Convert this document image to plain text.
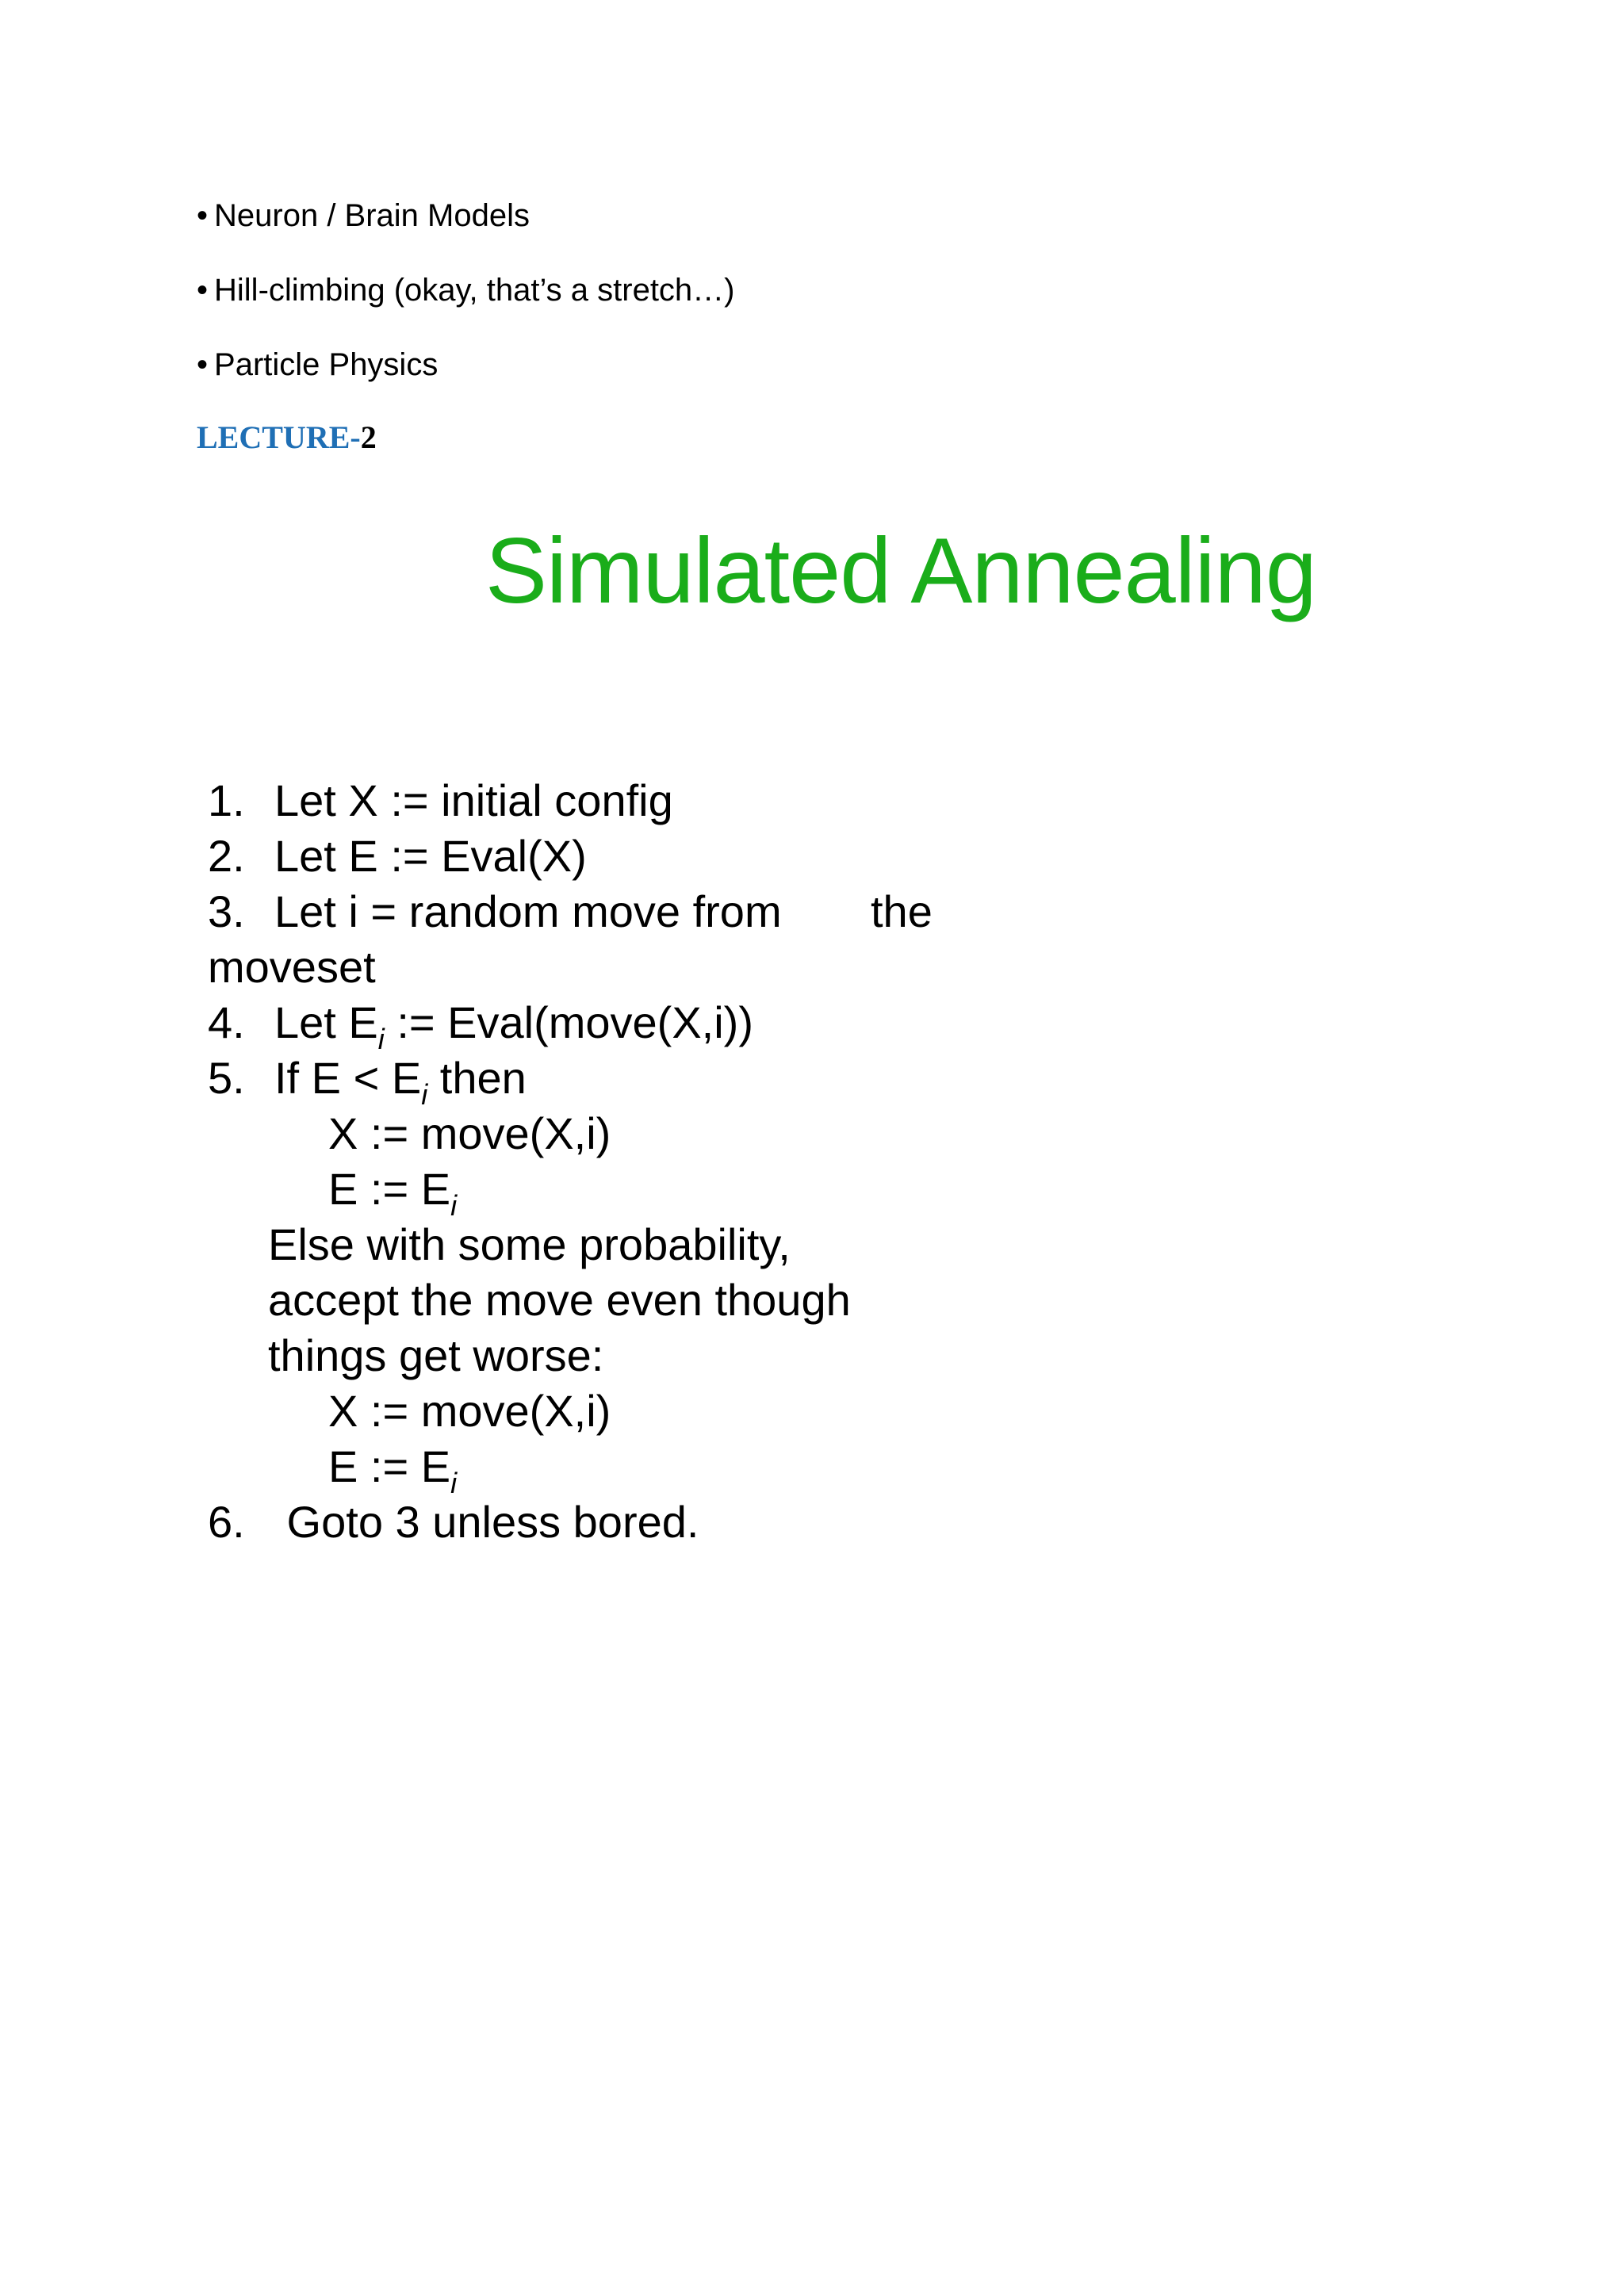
• Neuron / Brain Models
• Hill-climbing (okay, that’s a stretch…)
• Particle Physics
LECTURE-2
Simulated Annealing
1. Let X := initial config
2. Let E := Eval(X)
3. Let i = random move from the
moveset
4. Let $E_i$ := Eval(move(X,i))
5. If $E < E_i$ then
X := move(X,i)
E := $E_i$
Else with some probability,
accept the move even though
things get worse:
X := move(X,i)
E := $E_i$
6. Goto 3 unless bored.
